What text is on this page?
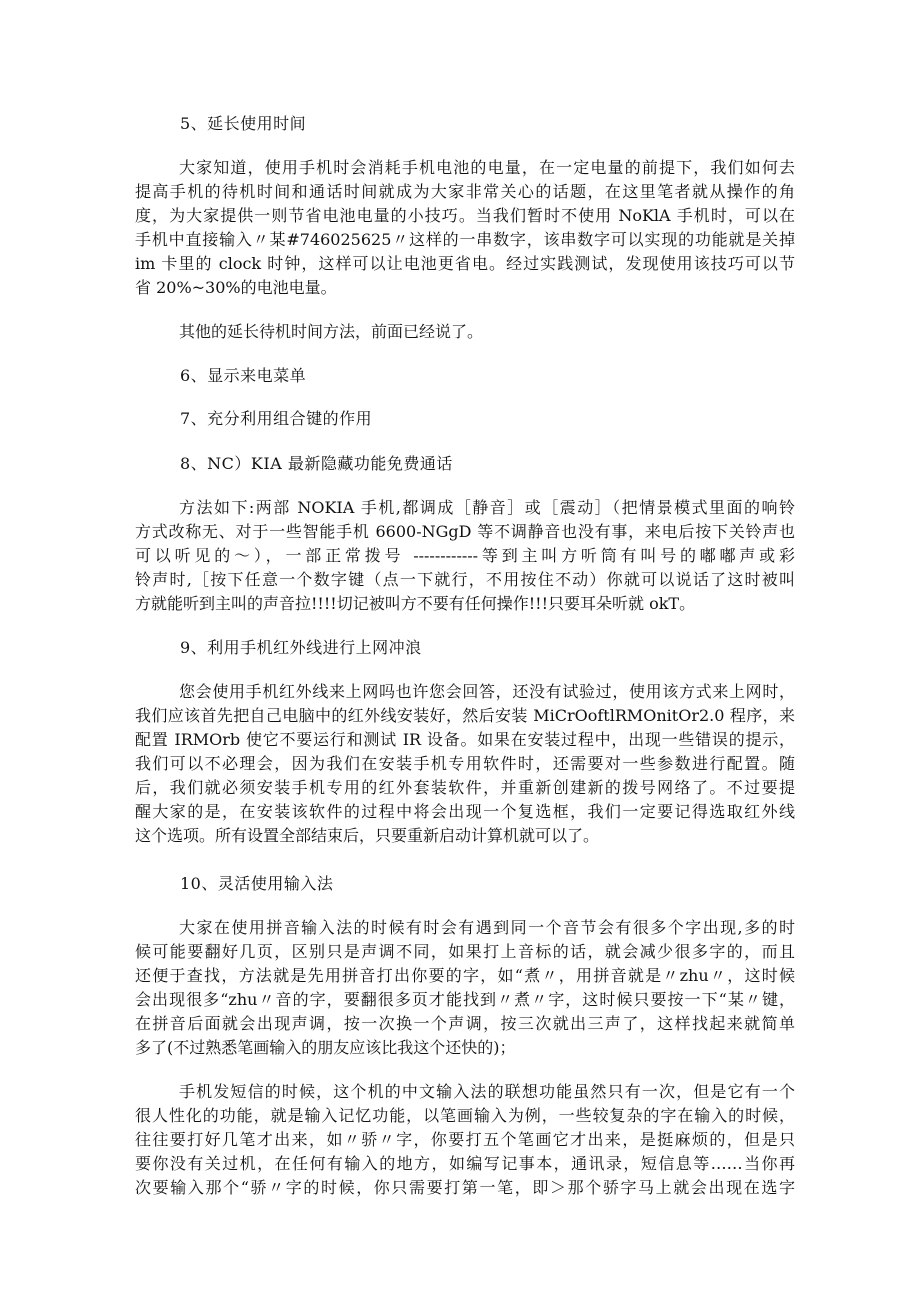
5、延长使用时间
大家知道，使用手机时会消耗手机电池的电量，在一定电量的前提下，我们如何去
提高手机的待机时间和通话时间就成为大家非常关心的话题，在这里笔者就从操作的角
度，为大家提供一则节省电池电量的小技巧。当我们暂时不使用 NoKlA 手机时，可以在
手机中直接输入〃某#746025625〃这样的一串数字，该串数字可以实现的功能就是关掉
im 卡里的 clock 时钟，这样可以让电池更省电。经过实践测试，发现使用该技巧可以节
省 20%~30%的电池电量。
其他的延长待机时间方法，前面已经说了。
6、显示来电菜单
7、充分利用组合键的作用
8、NC）KIA 最新隐藏功能免费通话
方法如下:两部 NOKIA 手机,都调成［静音］或［震动］（把情景模式里面的响铃
方式改称无、对于一些智能手机 6600-NGgD 等不调静音也没有事，来电后按下关铃声也
可以听见的～），一部正常拨号 ------------等到主叫方听筒有叫号的嘟嘟声或彩
铃声时,［按下任意一个数字键（点一下就行，不用按住不动）你就可以说话了这时被叫
方就能听到主叫的声音拉!!!!切记被叫方不要有任何操作!!!只要耳朵听就 okT。
9、利用手机红外线进行上网冲浪
您会使用手机红外线来上网吗也许您会回答，还没有试验过，使用该方式来上网时，
我们应该首先把自己电脑中的红外线安装好，然后安装 MiCrOoftlRMOnitOr2.0 程序，来
配置 IRMOrb 使它不要运行和测试 IR 设备。如果在安装过程中，出现一些错误的提示，
我们可以不必理会，因为我们在安装手机专用软件时，还需要对一些参数进行配置。随
后，我们就必须安装手机专用的红外套装软件，并重新创建新的拨号网络了。不过要提
醒大家的是，在安装该软件的过程中将会出现一个复选框，我们一定要记得选取红外线
这个选项。所有设置全部结束后，只要重新启动计算机就可以了。
10、灵活使用输入法
大家在使用拼音输入法的时候有时会有遇到同一个音节会有很多个字出现,多的时
候可能要翻好几页，区别只是声调不同，如果打上音标的话，就会减少很多字的，而且
还便于查找，方法就是先用拼音打出你要的字，如“煮〃，用拼音就是〃zhu〃，这时候
会出现很多“zhu〃音的字，要翻很多页才能找到〃煮〃字，这时候只要按一下“某〃键，
在拼音后面就会出现声调，按一次换一个声调，按三次就出三声了，这样找起来就简单
多了(不过熟悉笔画输入的朋友应该比我这个还快的)；
手机发短信的时候，这个机的中文输入法的联想功能虽然只有一次，但是它有一个
很人性化的功能，就是输入记忆功能，以笔画输入为例，一些较复杂的字在输入的时候，
往往要打好几笔才出来，如〃骄〃字，你要打五个笔画它才出来，是挺麻烦的，但是只
要你没有关过机，在任何有输入的地方，如编写记事本，通讯录，短信息等……当你再
次要输入那个“骄〃字的时候，你只需要打第一笔，即＞那个骄字马上就会出现在选字
